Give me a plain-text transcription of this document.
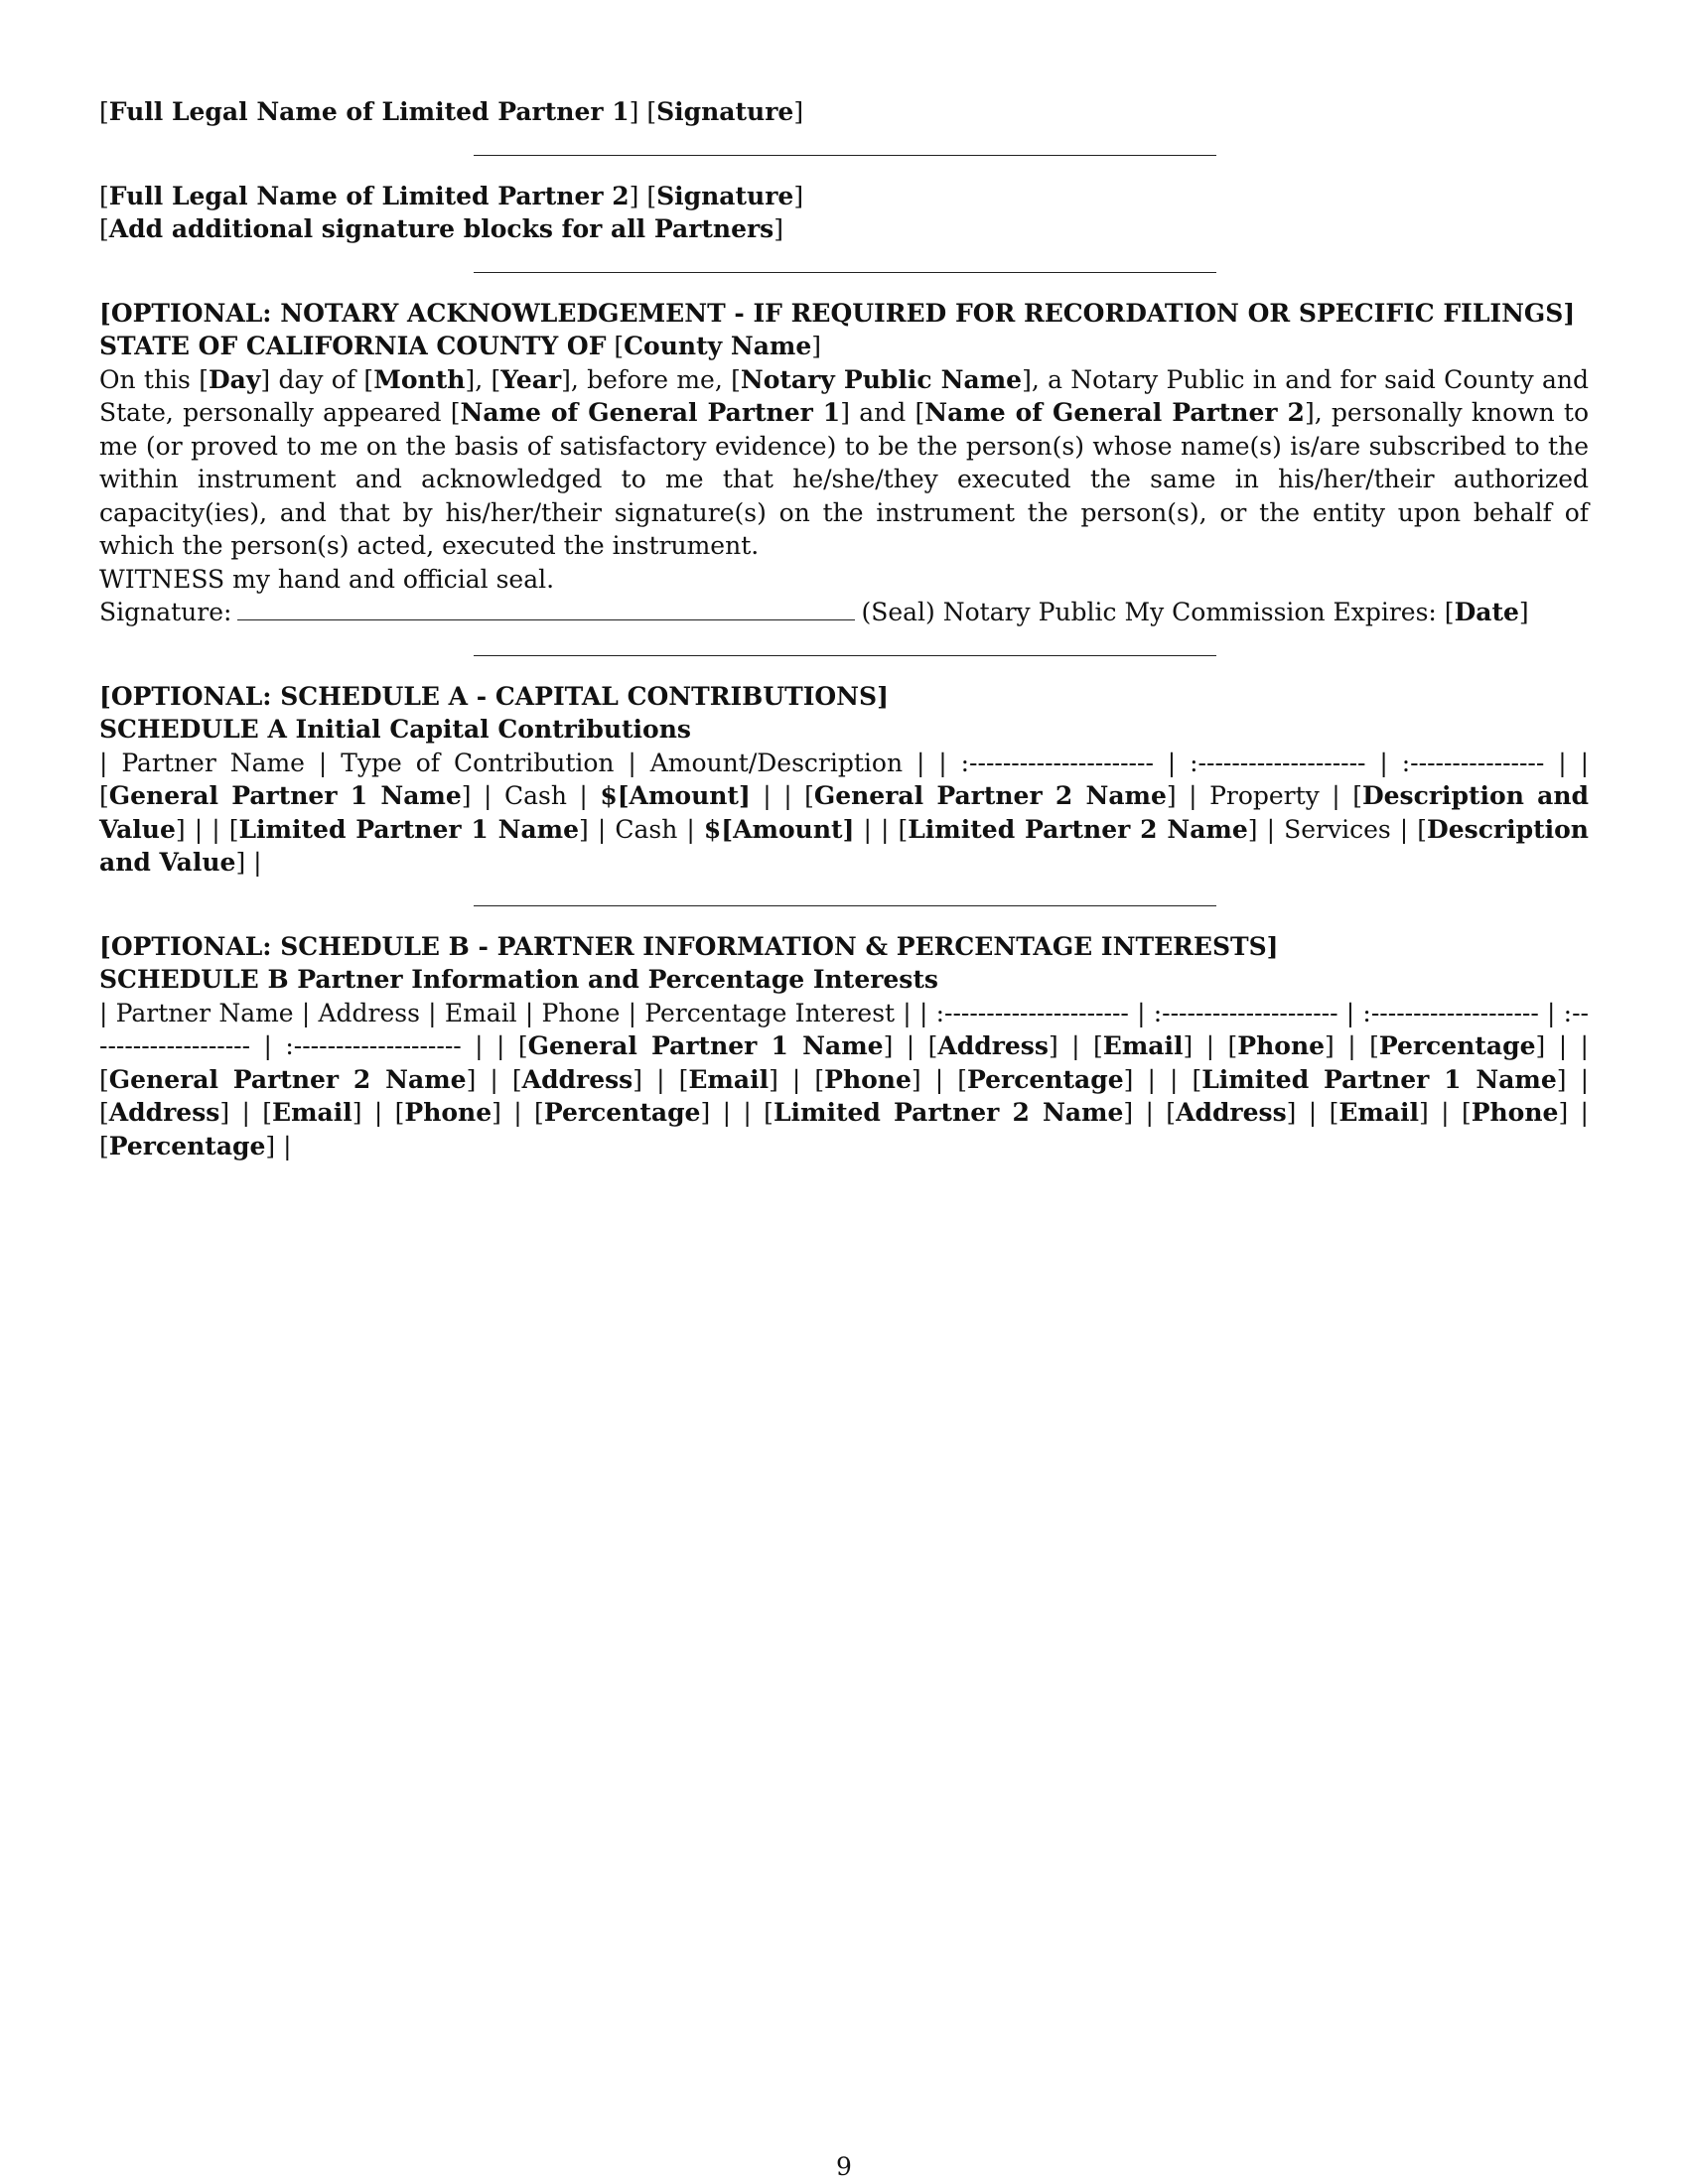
[Full Legal Name of Limited Partner 1] [Signature]

[Full Legal Name of Limited Partner 2] [Signature]

[Add additional signature blocks for all Partners]

[OPTIONAL: NOTARY ACKNOWLEDGEMENT - IF REQUIRED FOR RECORDATION OR SPECIFIC FILINGS]

STATE OF CALIFORNIA COUNTY OF [County Name]

On this [Day] day of [Month], [Year], before me, [Notary Public Name], a Notary Public in and for said County and State, personally appeared [Name of General Partner 1] and [Name of General Partner 2], personally known to me (or proved to me on the basis of satisfactory evidence) to be the person(s) whose name(s) is/are subscribed to the within instrument and acknowledged to me that he/she/they executed the same in his/her/their authorized capacity(ies), and that by his/her/their signature(s) on the instrument the person(s), or the entity upon behalf of which the person(s) acted, executed the instrument.

WITNESS my hand and official seal.

Signature:	(Seal) Notary Public My Commission Expires: [Date]

[OPTIONAL: SCHEDULE A - CAPITAL CONTRIBUTIONS]

SCHEDULE A Initial Capital Contributions

| Partner Name | Type of Contribution | Amount/Description | | :---------------------- | :-------------------- | :---------------- | | [General Partner 1 Name] | Cash | $[Amount] | | [General Partner 2 Name] | Property | [Description and Value] | | [Limited Partner 1 Name] | Cash | $[Amount] | | [Limited Partner 2 Name] | Services | [Description and Value] |

[OPTIONAL: SCHEDULE B - PARTNER INFORMATION & PERCENTAGE INTERESTS]

SCHEDULE B Partner Information and Percentage Interests

| Partner Name | Address | Email | Phone | Percentage Interest | | :---------------------- | :--------------------- | :-------------------- | :-------------------- | :-------------------- | | [General Partner 1 Name] | [Address] | [Email] | [Phone] | [Percentage] | | [General Partner 2 Name] | [Address] | [Email] | [Phone] | [Percentage] | | [Limited Partner 1 Name] | [Address] | [Email] | [Phone] | [Percentage] | | [Limited Partner 2 Name] | [Address] | [Email] | [Phone] | [Percentage] |

9
